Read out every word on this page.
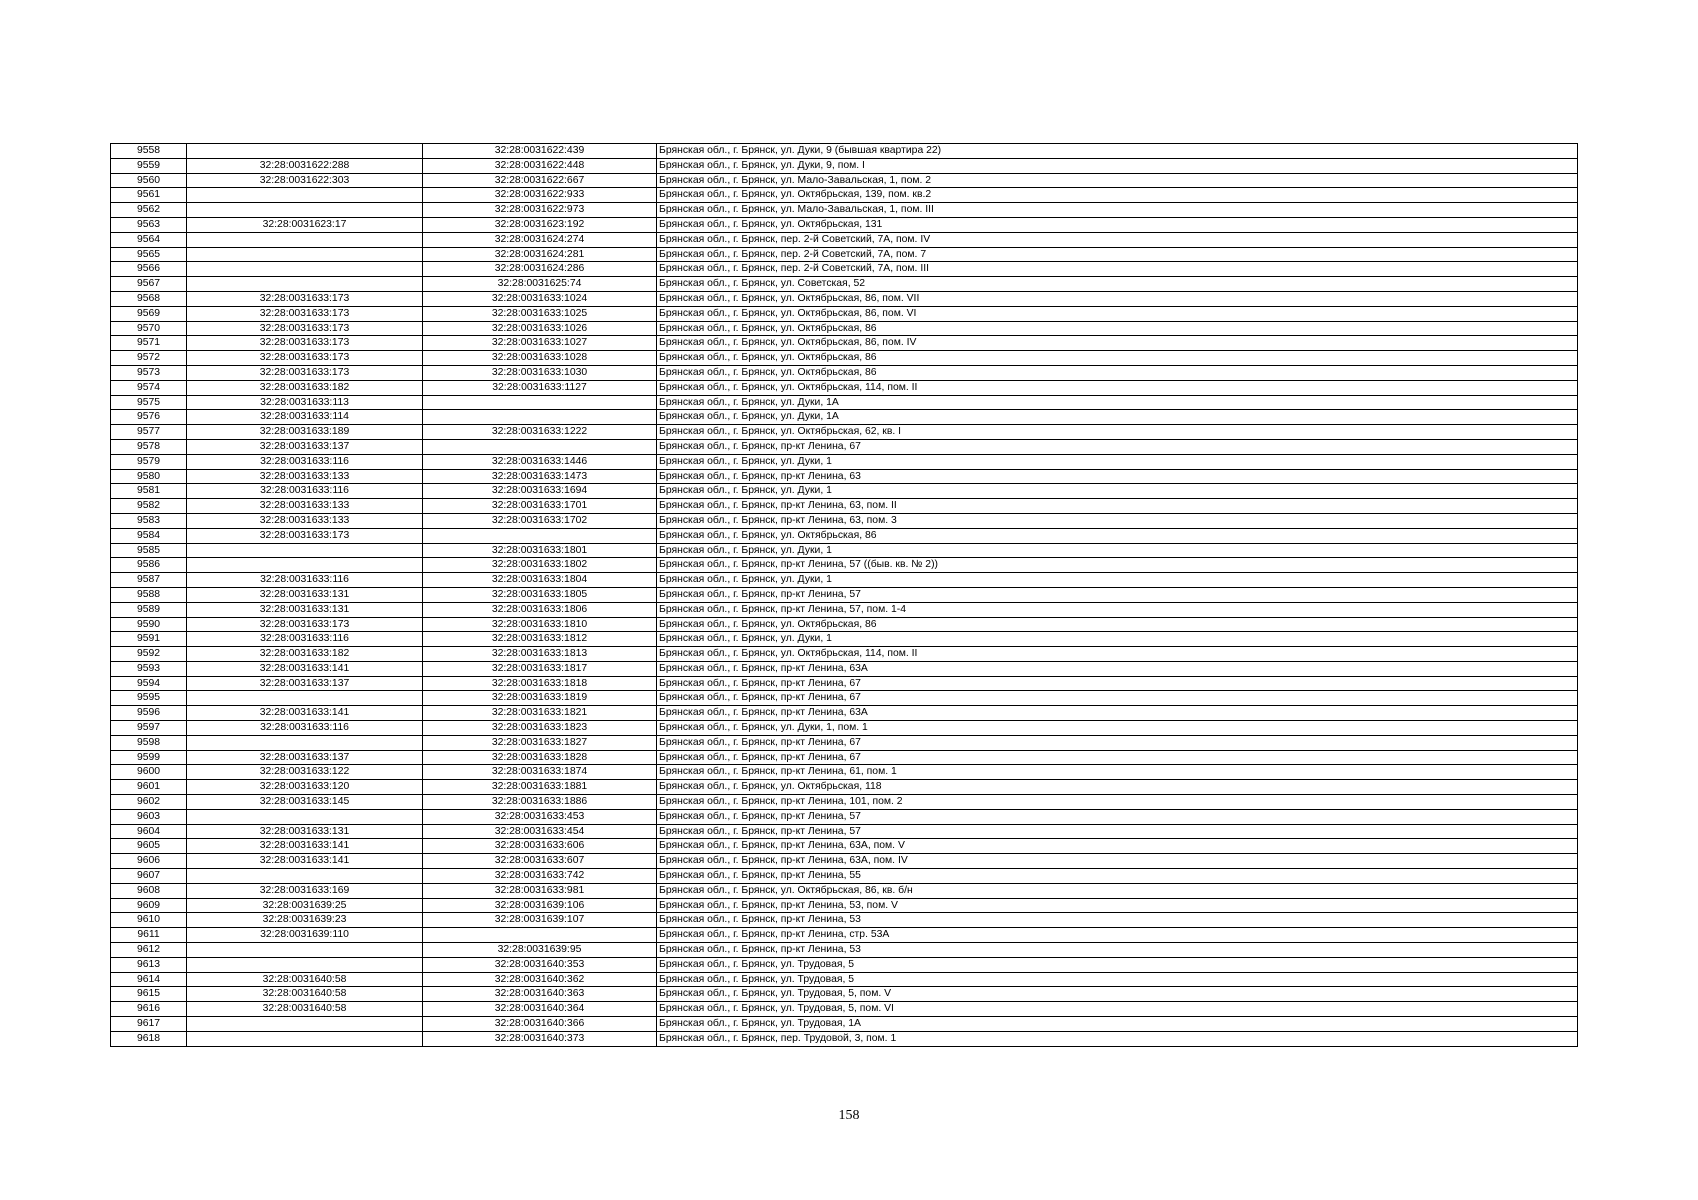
9558		32:28:0031622:439	Брянская обл., г. Брянск, ул. Дуки, 9 (бывшая квартира 22)
9559	32:28:0031622:288	32:28:0031622:448	Брянская обл., г. Брянск, ул. Дуки, 9, пом. I
9560	32:28:0031622:303	32:28:0031622:667	Брянская обл., г. Брянск, ул. Мало-Завальская, 1, пом. 2
9561		32:28:0031622:933	Брянская обл., г. Брянск, ул. Октябрьская, 139, пом. кв.2
9562		32:28:0031622:973	Брянская обл., г. Брянск, ул. Мало-Завальская, 1, пом. III
9563	32:28:0031623:17	32:28:0031623:192	Брянская обл., г. Брянск, ул. Октябрьская, 131
9564		32:28:0031624:274	Брянская обл., г. Брянск, пер. 2-й Советский, 7А, пом. IV
9565		32:28:0031624:281	Брянская обл., г. Брянск, пер. 2-й Советский, 7А, пом. 7
9566		32:28:0031624:286	Брянская обл., г. Брянск, пер. 2-й Советский, 7А, пом. III
9567		32:28:0031625:74	Брянская обл., г. Брянск, ул. Советская, 52
9568	32:28:0031633:173	32:28:0031633:1024	Брянская обл., г. Брянск, ул. Октябрьская, 86, пом. VII
9569	32:28:0031633:173	32:28:0031633:1025	Брянская обл., г. Брянск, ул. Октябрьская, 86, пом. VI
9570	32:28:0031633:173	32:28:0031633:1026	Брянская обл., г. Брянск, ул. Октябрьская, 86
9571	32:28:0031633:173	32:28:0031633:1027	Брянская обл., г. Брянск, ул. Октябрьская, 86, пом. IV
9572	32:28:0031633:173	32:28:0031633:1028	Брянская обл., г. Брянск, ул. Октябрьская, 86
9573	32:28:0031633:173	32:28:0031633:1030	Брянская обл., г. Брянск, ул. Октябрьская, 86
9574	32:28:0031633:182	32:28:0031633:1127	Брянская обл., г. Брянск, ул. Октябрьская, 114, пом. II
9575	32:28:0031633:113		Брянская обл., г. Брянск, ул. Дуки, 1А
9576	32:28:0031633:114		Брянская обл., г. Брянск, ул. Дуки, 1А
9577	32:28:0031633:189	32:28:0031633:1222	Брянская обл., г. Брянск, ул. Октябрьская, 62, кв. I
9578	32:28:0031633:137		Брянская обл., г. Брянск, пр-кт Ленина, 67
9579	32:28:0031633:116	32:28:0031633:1446	Брянская обл., г. Брянск, ул. Дуки, 1
9580	32:28:0031633:133	32:28:0031633:1473	Брянская обл., г. Брянск, пр-кт Ленина, 63
9581	32:28:0031633:116	32:28:0031633:1694	Брянская обл., г. Брянск, ул. Дуки, 1
9582	32:28:0031633:133	32:28:0031633:1701	Брянская обл., г. Брянск, пр-кт Ленина, 63, пом. II
9583	32:28:0031633:133	32:28:0031633:1702	Брянская обл., г. Брянск, пр-кт Ленина, 63, пом. 3
9584	32:28:0031633:173		Брянская обл., г. Брянск, ул. Октябрьская, 86
9585		32:28:0031633:1801	Брянская обл., г. Брянск, ул. Дуки, 1
9586		32:28:0031633:1802	Брянская обл., г. Брянск, пр-кт Ленина, 57 ((быв. кв. № 2))
9587	32:28:0031633:116	32:28:0031633:1804	Брянская обл., г. Брянск, ул. Дуки, 1
9588	32:28:0031633:131	32:28:0031633:1805	Брянская обл., г. Брянск, пр-кт Ленина, 57
9589	32:28:0031633:131	32:28:0031633:1806	Брянская обл., г. Брянск, пр-кт Ленина, 57, пом. 1-4
9590	32:28:0031633:173	32:28:0031633:1810	Брянская обл., г. Брянск, ул. Октябрьская, 86
9591	32:28:0031633:116	32:28:0031633:1812	Брянская обл., г. Брянск, ул. Дуки, 1
9592	32:28:0031633:182	32:28:0031633:1813	Брянская обл., г. Брянск, ул. Октябрьская, 114, пом. II
9593	32:28:0031633:141	32:28:0031633:1817	Брянская обл., г. Брянск, пр-кт Ленина, 63А
9594	32:28:0031633:137	32:28:0031633:1818	Брянская обл., г. Брянск, пр-кт Ленина, 67
9595		32:28:0031633:1819	Брянская обл., г. Брянск, пр-кт Ленина, 67
9596	32:28:0031633:141	32:28:0031633:1821	Брянская обл., г. Брянск, пр-кт Ленина, 63А
9597	32:28:0031633:116	32:28:0031633:1823	Брянская обл., г. Брянск, ул. Дуки, 1, пом. 1
9598		32:28:0031633:1827	Брянская обл., г. Брянск, пр-кт Ленина, 67
9599	32:28:0031633:137	32:28:0031633:1828	Брянская обл., г. Брянск, пр-кт Ленина, 67
9600	32:28:0031633:122	32:28:0031633:1874	Брянская обл., г. Брянск, пр-кт Ленина, 61, пом. 1
9601	32:28:0031633:120	32:28:0031633:1881	Брянская обл., г. Брянск, ул. Октябрьская, 118
9602	32:28:0031633:145	32:28:0031633:1886	Брянская обл., г. Брянск, пр-кт Ленина, 101, пом. 2
9603		32:28:0031633:453	Брянская обл., г. Брянск, пр-кт Ленина, 57
9604	32:28:0031633:131	32:28:0031633:454	Брянская обл., г. Брянск, пр-кт Ленина, 57
9605	32:28:0031633:141	32:28:0031633:606	Брянская обл., г. Брянск, пр-кт Ленина, 63А, пом. V
9606	32:28:0031633:141	32:28:0031633:607	Брянская обл., г. Брянск, пр-кт Ленина, 63А, пом. IV
9607		32:28:0031633:742	Брянская обл., г. Брянск, пр-кт Ленина, 55
9608	32:28:0031633:169	32:28:0031633:981	Брянская обл., г. Брянск, ул. Октябрьская, 86, кв. б/н
9609	32:28:0031639:25	32:28:0031639:106	Брянская обл., г. Брянск, пр-кт Ленина, 53, пом. V
9610	32:28:0031639:23	32:28:0031639:107	Брянская обл., г. Брянск, пр-кт Ленина, 53
9611	32:28:0031639:110		Брянская обл., г. Брянск, пр-кт Ленина, стр. 53А
9612		32:28:0031639:95	Брянская обл., г. Брянск, пр-кт Ленина, 53
9613		32:28:0031640:353	Брянская обл., г. Брянск, ул. Трудовая, 5
9614	32:28:0031640:58	32:28:0031640:362	Брянская обл., г. Брянск, ул. Трудовая, 5
9615	32:28:0031640:58	32:28:0031640:363	Брянская обл., г. Брянск, ул. Трудовая, 5, пом. V
9616	32:28:0031640:58	32:28:0031640:364	Брянская обл., г. Брянск, ул. Трудовая, 5, пом. VI
9617		32:28:0031640:366	Брянская обл., г. Брянск, ул. Трудовая, 1А
9618		32:28:0031640:373	Брянская обл., г. Брянск, пер. Трудовой, 3, пом. 1
158
